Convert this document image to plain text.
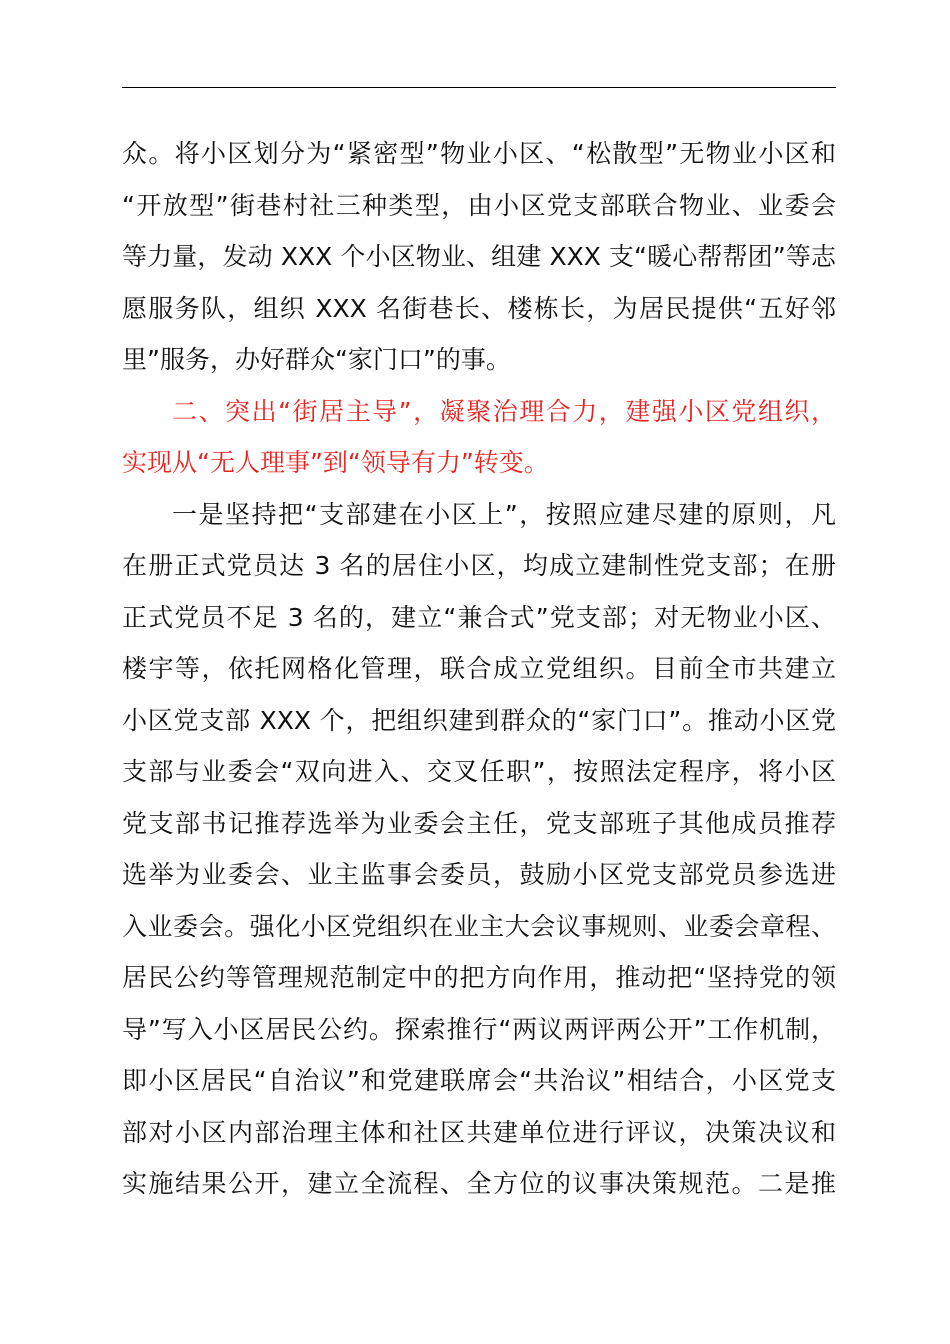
众。将小区划分为“紧密型”物业小区、“松散型”无物业小区和
“开放型”街巷村社三种类型，由小区党支部联合物业、业委会
等力量，发动 XXX 个小区物业、组建 XXX 支“暖心帮帮团”等志
愿服务队，组织 XXX 名街巷长、楼栋长，为居民提供“五好邻
里”服务，办好群众“家门口”的事。
二、突出“街居主导”，凝聚治理合力，建强小区党组织，
实现从“无人理事”到“领导有力”转变。
一是坚持把“支部建在小区上”，按照应建尽建的原则，凡
在册正式党员达 3 名的居住小区，均成立建制性党支部；在册
正式党员不足 3 名的，建立“兼合式”党支部；对无物业小区、
楼宇等，依托网格化管理，联合成立党组织。目前全市共建立
小区党支部 XXX 个，把组织建到群众的“家门口”。推动小区党
支部与业委会“双向进入、交叉任职”，按照法定程序，将小区
党支部书记推荐选举为业委会主任，党支部班子其他成员推荐
选举为业委会、业主监事会委员，鼓励小区党支部党员参选进
入业委会。强化小区党组织在业主大会议事规则、业委会章程、
居民公约等管理规范制定中的把方向作用，推动把“坚持党的领
导”写入小区居民公约。探索推行“两议两评两公开”工作机制，
即小区居民“自治议”和党建联席会“共治议”相结合，小区党支
部对小区内部治理主体和社区共建单位进行评议，决策决议和
实施结果公开，建立全流程、全方位的议事决策规范。二是推
